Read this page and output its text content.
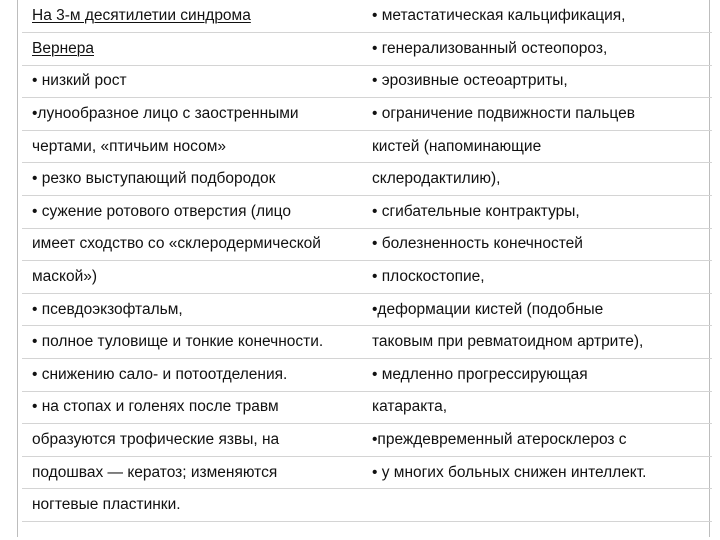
На 3-м десятилетии синдрома	• метастатическая кальцификация,
Вернера	• генерализованный остеопороз,
• низкий рост	• эрозивные остеоартриты,
•лунообразное лицо с заостренными	• ограничение подвижности пальцев
чертами, «птичьим носом»	кистей (напоминающие
• резко выступающий подбородок	склеродактилию),
• сужение ротового отверстия (лицо	• сгибательные контрактуры,
имеет сходство со «склеродермической	• болезненность конечностей
маской»)	• плоскостопие,
• псевдоэкзофтальм,	•деформации кистей (подобные
• полное туловище и тонкие конечности.	таковым при ревматоидном артрите),
• снижению сало- и потоотделения.	• медленно прогрессирующая
• на стопах и голенях после травм	катаракта,
образуются трофические язвы, на	•преждевременный атеросклероз с
подошвах — кератоз; изменяются	• у многих больных снижен интеллект.
ногтевые пластинки.	
